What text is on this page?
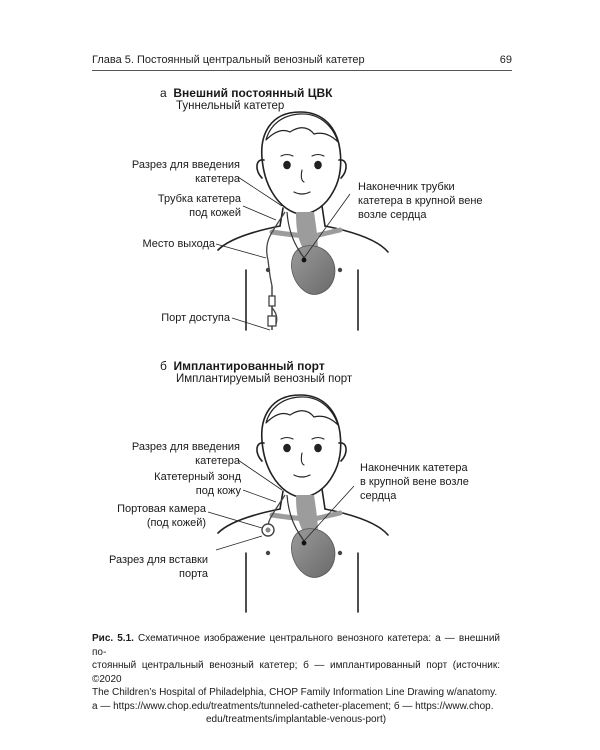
Глава 5. Постоянный центральный венозный катетер	69
а Внешний постоянный ЦВК
Туннельный катетер
Разрез для введения
катетера
Трубка катетера
под кожей
Место выхода
Порт доступа
Наконечник трубки
катетера в крупной вене
возле сердца
б Имплантированный порт
Имплантируемый венозный порт
Разрез для введения
катетера
Катетерный зонд
под кожу
Портовая камера
(под кожей)
Разрез для вставки
порта
Наконечник катетера
в крупной вене возле
сердца
Рис. 5.1. Схематичное изображение центрального венозного катетера: а — внешний по-
стоянный центральный венозный катетер; б — имплантированный порт (источник: ©2020
The Children’s Hospital of Philadelphia, CHOP Family Information Line Drawing w/anatomy.
а — https://www.chop.edu/treatments/tunneled-catheter-placement; б — https://www.chop.
edu/treatments/implantable-venous-port)
